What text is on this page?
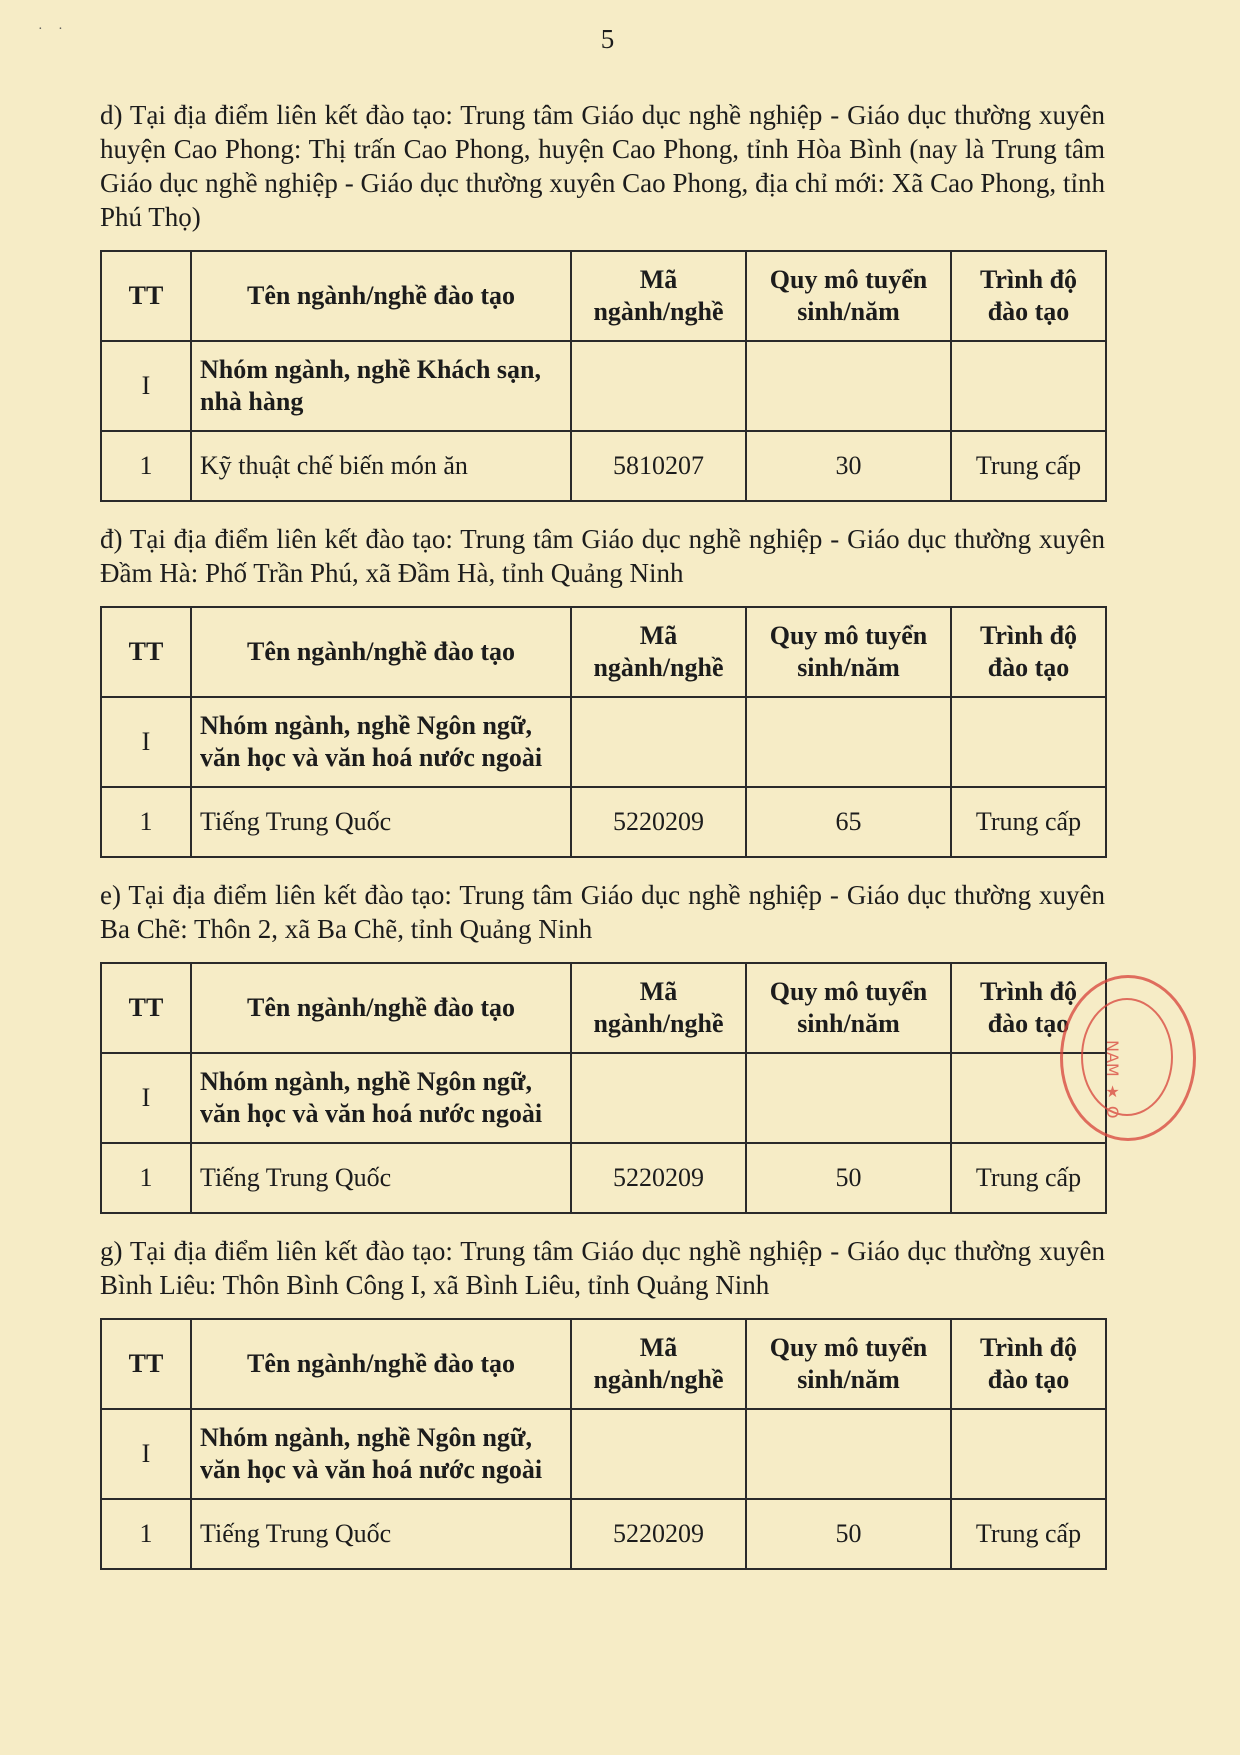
· ·	5

d) Tại địa điểm liên kết đào tạo: Trung tâm Giáo dục nghề nghiệp - Giáo dục thường xuyên huyện Cao Phong: Thị trấn Cao Phong, huyện Cao Phong, tỉnh Hòa Bình (nay là Trung tâm Giáo dục nghề nghiệp - Giáo dục thường xuyên Cao Phong, địa chỉ mới: Xã Cao Phong, tỉnh Phú Thọ)

TT	Tên ngành/nghề đào tạo	Mã ngành/nghề	Quy mô tuyển sinh/năm	Trình độ đào tạo
I	Nhóm ngành, nghề Khách sạn, nhà hàng			
1	Kỹ thuật chế biến món ăn	5810207	30	Trung cấp

đ) Tại địa điểm liên kết đào tạo: Trung tâm Giáo dục nghề nghiệp - Giáo dục thường xuyên Đầm Hà: Phố Trần Phú, xã Đầm Hà, tỉnh Quảng Ninh

TT	Tên ngành/nghề đào tạo	Mã ngành/nghề	Quy mô tuyển sinh/năm	Trình độ đào tạo
I	Nhóm ngành, nghề Ngôn ngữ, văn học và văn hoá nước ngoài			
1	Tiếng Trung Quốc	5220209	65	Trung cấp

e) Tại địa điểm liên kết đào tạo: Trung tâm Giáo dục nghề nghiệp - Giáo dục thường xuyên Ba Chẽ: Thôn 2, xã Ba Chẽ, tỉnh Quảng Ninh

TT	Tên ngành/nghề đào tạo	Mã ngành/nghề	Quy mô tuyển sinh/năm	Trình độ đào tạo
I	Nhóm ngành, nghề Ngôn ngữ, văn học và văn hoá nước ngoài			
1	Tiếng Trung Quốc	5220209	50	Trung cấp

g) Tại địa điểm liên kết đào tạo: Trung tâm Giáo dục nghề nghiệp - Giáo dục thường xuyên Bình Liêu: Thôn Bình Công I, xã Bình Liêu, tỉnh Quảng Ninh

TT	Tên ngành/nghề đào tạo	Mã ngành/nghề	Quy mô tuyển sinh/năm	Trình độ đào tạo
I	Nhóm ngành, nghề Ngôn ngữ, văn học và văn hoá nước ngoài			
1	Tiếng Trung Quốc	5220209	50	Trung cấp
NAM ★ O
